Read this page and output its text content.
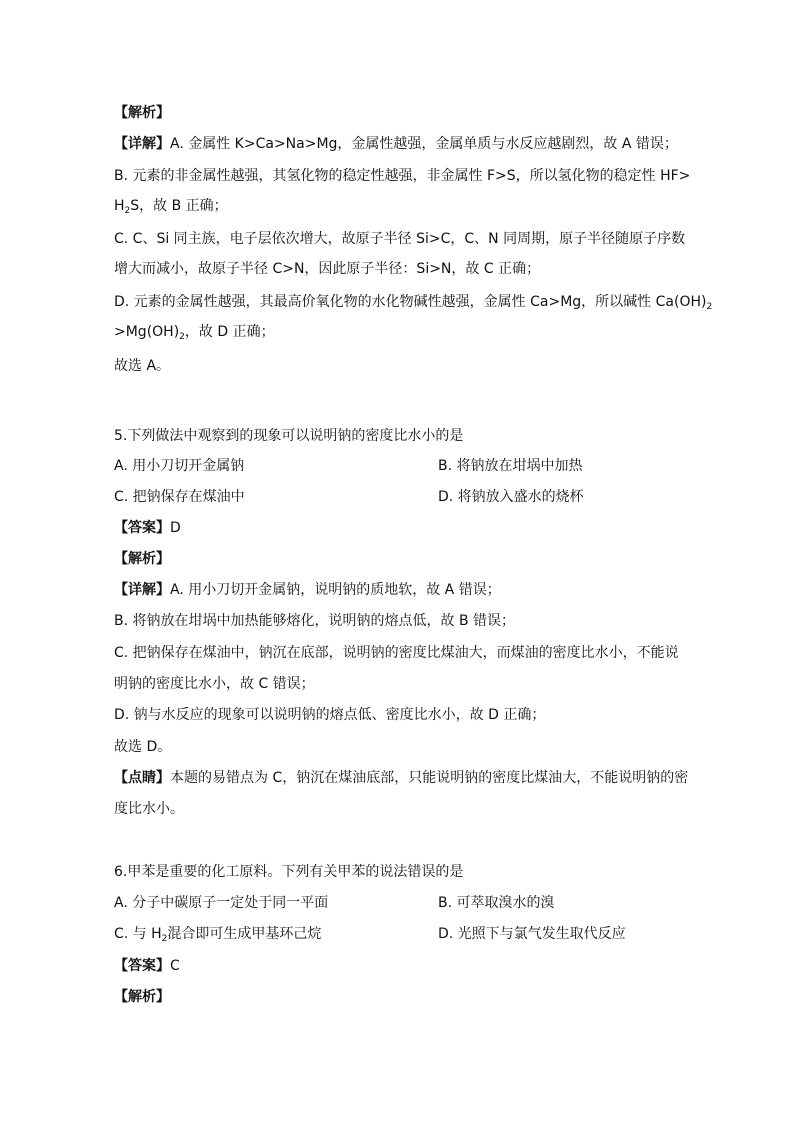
【解析】
【详解】A. 金属性 K>Ca>Na>Mg，金属性越强，金属单质与水反应越剧烈，故 A 错误；
B. 元素的非金属性越强，其氢化物的稳定性越强，非金属性 F>S，所以氢化物的稳定性 HF>
$H_2S$，故 B 正确；
C. C、Si 同主族，电子层依次增大，故原子半径 Si>C，C、N 同周期，原子半径随原子序数
增大而减小，故原子半径 C>N，因此原子半径：Si>N，故 C 正确；
D. 元素的金属性越强，其最高价氧化物的水化物碱性越强，金属性 Ca>Mg，所以碱性 $Ca(OH)_2$
$>Mg(OH)_2$，故 D 正确；
故选 A。
5.下列做法中观察到的现象可以说明钠的密度比水小的是
A. 用小刀切开金属钠	B. 将钠放在坩埚中加热
C. 把钠保存在煤油中	D. 将钠放入盛水的烧杯
【答案】D
【解析】
【详解】A. 用小刀切开金属钠，说明钠的质地软，故 A 错误；
B. 将钠放在坩埚中加热能够熔化，说明钠的熔点低，故 B 错误；
C. 把钠保存在煤油中，钠沉在底部，说明钠的密度比煤油大，而煤油的密度比水小，不能说
明钠的密度比水小，故 C 错误；
D. 钠与水反应的现象可以说明钠的熔点低、密度比水小，故 D 正确；
故选 D。
【点睛】本题的易错点为 C，钠沉在煤油底部，只能说明钠的密度比煤油大，不能说明钠的密
度比水小。
6.甲苯是重要的化工原料。下列有关甲苯的说法错误的是
A. 分子中碳原子一定处于同一平面	B. 可萃取溴水的溴
C. 与 $H_2$混合即可生成甲基环己烷	D. 光照下与氯气发生取代反应
【答案】C
【解析】
